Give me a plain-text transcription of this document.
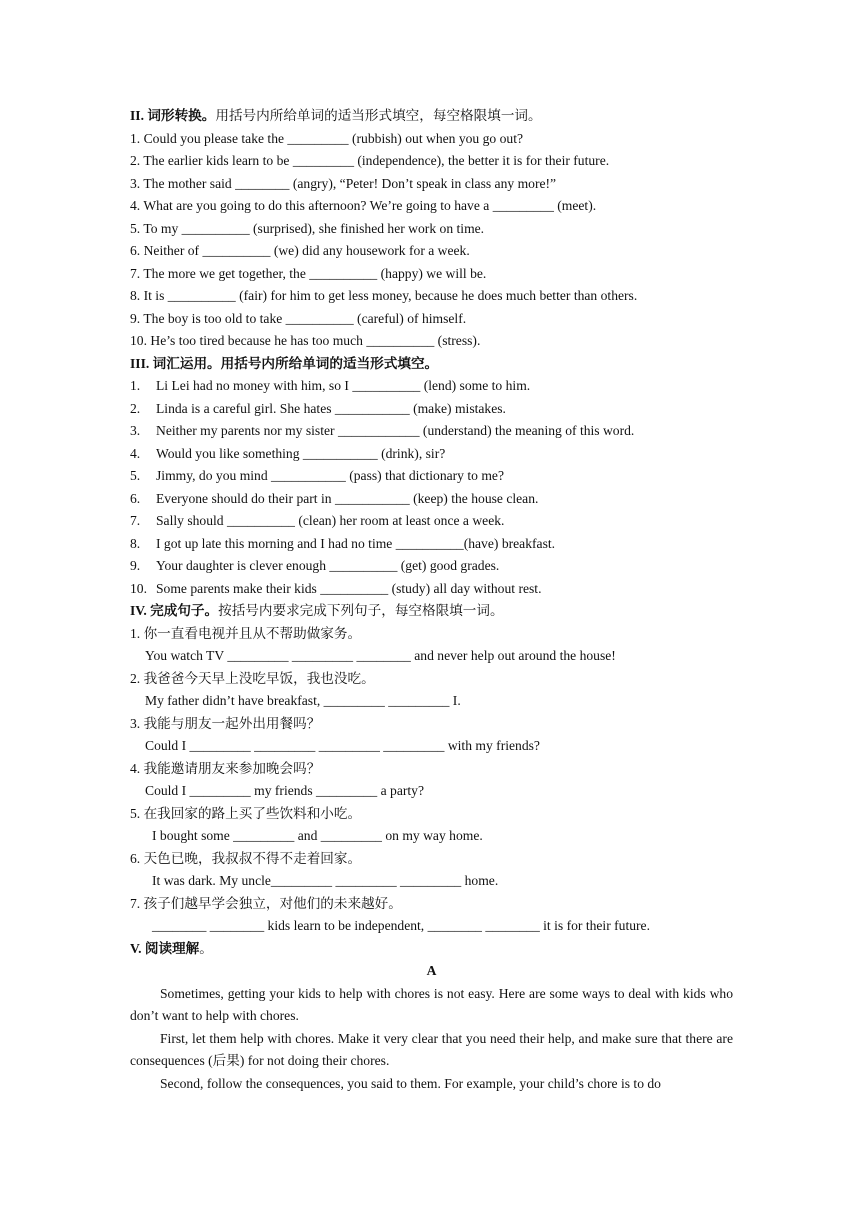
II. 词形转换。用括号内所给单词的适当形式填空，每空格限填一词。
1. Could you please take the _________ (rubbish) out when you go out?
2. The earlier kids learn to be _________ (independence), the better it is for their future.
3. The mother said ________ (angry), “Peter! Don’t speak in class any more!”
4. What are you going to do this afternoon? We’re going to have a _________ (meet).
5. To my __________ (surprised), she finished her work on time.
6. Neither of __________ (we) did any housework for a week.
7. The more we get together, the __________ (happy) we will be.
8. It is __________ (fair) for him to get less money, because he does much better than others.
9. The boy is too old to take __________ (careful) of himself.
10. He’s too tired because he has too much __________ (stress).
III. 词汇运用。用括号内所给单词的适当形式填空。
1. Li Lei had no money with him, so I __________ (lend) some to him.
2. Linda is a careful girl. She hates ___________ (make) mistakes.
3. Neither my parents nor my sister ____________ (understand) the meaning of this word.
4. Would you like something ___________ (drink), sir?
5. Jimmy, do you mind ___________ (pass) that dictionary to me?
6. Everyone should do their part in ___________ (keep) the house clean.
7. Sally should __________ (clean) her room at least once a week.
8. I got up late this morning and I had no time __________(have) breakfast.
9. Your daughter is clever enough __________ (get) good grades.
10. Some parents make their kids __________ (study) all day without rest.
IV. 完成句子。按括号内要求完成下列句子，每空格限填一词。
1. 你一直看电视并且从不帮助做家务。
You watch TV _________ _________ ________ and never help out around the house!
2. 我爸爸今天早上没吃早饭，我也没吃。
My father didn’t have breakfast, _________ _________ I.
3. 我能与朋友一起外出用餐吗？
Could I _________ _________ _________ _________ with my friends?
4. 我能邀请朋友来参加晚会吗？
Could I _________ my friends _________ a party?
5. 在我回家的路上买了些饮料和小吃。
I bought some _________ and _________ on my way home.
6. 天色已晚，我叔叔不得不走着回家。
It was dark. My uncle_________ _________ _________ home.
7. 孩子们越早学会独立，对他们的未来越好。
________ ________ kids learn to be independent, ________ ________ it is for their future.
V. 阅读理解。
A
Sometimes, getting your kids to help with chores is not easy. Here are some ways to deal with kids who don’t want to help with chores.
First, let them help with chores. Make it very clear that you need their help, and make sure that there are consequences (后果) for not doing their chores.
Second, follow the consequences, you said to them. For example, your child’s chore is to do
